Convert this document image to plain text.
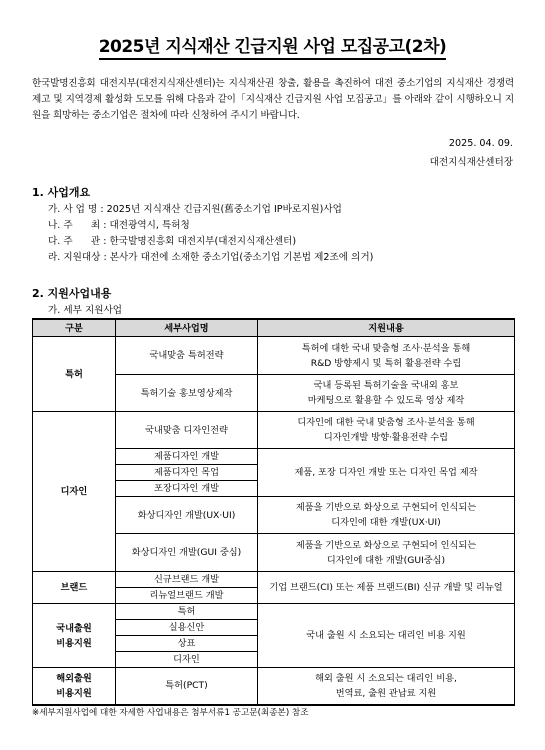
2025년 지식재산 긴급지원 사업 모집공고(2차)
한국발명진흥회 대전지부(대전지식재산센터)는 지식재산권 창출, 활용을 촉진하여 대전 중소기업의 지식재산 경쟁력 제고 및 지역경제 활성화 도모를 위해 다음과 같이「지식재산 긴급지원 사업 모집공고」를 아래와 같이 시행하오니 지원을 희망하는 중소기업은 절차에 따라 신청하여 주시기 바랍니다.
2025. 04. 09.
대전지식재산센터장
1. 사업개요
가. 사 업 명 : 2025년 지식재산 긴급지원(舊중소기업 IP바로지원)사업
나. 주      최 : 대전광역시, 특허청
다. 주      관 : 한국발명진흥회 대전지부(대전지식재산센터)
라. 지원대상 : 본사가 대전에 소재한 중소기업(중소기업 기본법 제2조에 의거)
2. 지원사업내용
가. 세부 지원사업
구분	세부사업명	지원내용
특허	국내맞춤 특허전략	특허에 대한 국내 맞춤형 조사·분석을 통해
R&D 방향제시 및 특허 활용전략 수립
	특허기술 홍보영상제작	국내 등록된 특허기술을 국내외 홍보
마케팅으로 활용할 수 있도록 영상 제작
디자인	국내맞춤 디자인전략	디자인에 대한 국내 맞춤형 조사·분석을 통해
디자인개발 방향·활용전략 수립
	제품디자인 개발	제품, 포장 디자인 개발 또는 디자인 목업 제작
	제품디자인 목업	
	포장디자인 개발	
	화상디자인 개발(UX·UI)	제품을 기반으로 화상으로 구현되어 인식되는
디자인에 대한 개발(UX·UI)
	화상디자인 개발(GUI 중심)	제품을 기반으로 화상으로 구현되어 인식되는
디자인에 대한 개발(GUI중심)
브랜드	신규브랜드 개발	기업 브랜드(CI) 또는 제품 브랜드(BI) 신규 개발 및 리뉴얼
	리뉴얼브랜드 개발	
국내출원
비용지원	특허	국내 출원 시 소요되는 대리인 비용 지원
	실용신안	
	상표	
	디자인	
해외출원
비용지원	특허(PCT)	해외 출원 시 소요되는 대리인 비용,
번역료, 출원 관납료 지원
※세부지원사업에 대한 자세한 사업내용은 첨부서류1 공고문(최종본) 참조
